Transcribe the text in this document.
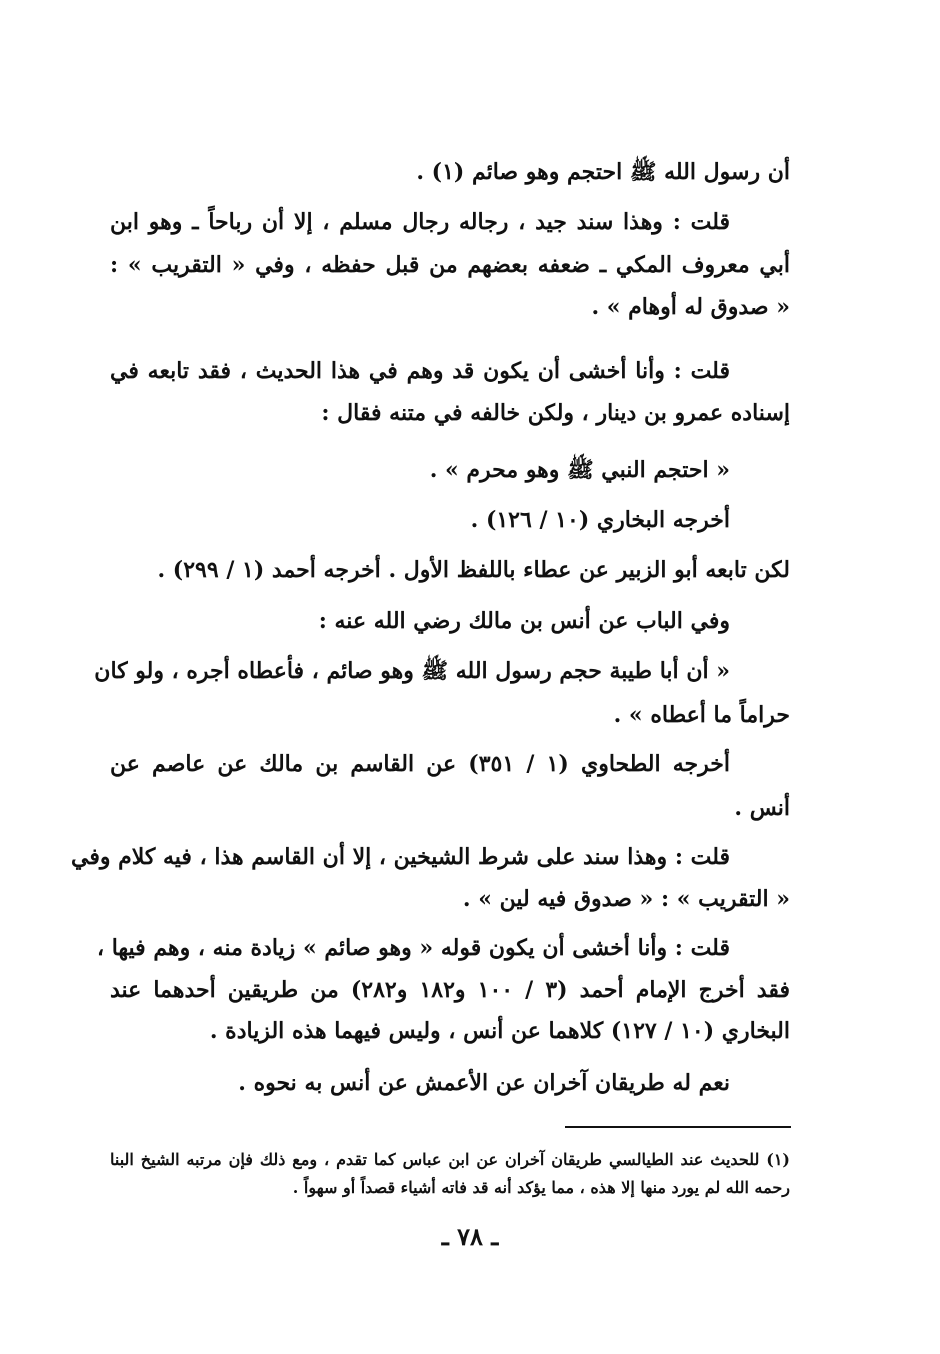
أن رسول الله ﷺ احتجم وهو صائم (١) .
قلت : وهذا سند جيد ، رجاله رجال مسلم ، إلا أن رباحاً ـ وهو ابن
أبي معروف المكي ـ ضعفه بعضهم من قبل حفظه ، وفي « التقريب » :
« صدوق له أوهام » .
قلت : وأنا أخشى أن يكون قد وهم في هذا الحديث ، فقد تابعه في
إسناده عمرو بن دينار ، ولكن خالفه في متنه فقال :
« احتجم النبي ﷺ وهو محرم » .
أخرجه البخاري (١٠ / ١٢٦) .
لكن تابعه أبو الزبير عن عطاء باللفظ الأول . أخرجه أحمد (١ / ٢٩٩) .
وفي الباب عن أنس بن مالك رضي الله عنه :
« أن أبا طيبة حجم رسول الله ﷺ وهو صائم ، فأعطاه أجره ، ولو كان
حراماً ما أعطاه » .
أخرجه الطحاوي (١ / ٣٥١) عن القاسم بن مالك عن عاصم عن
أنس .
قلت : وهذا سند على شرط الشيخين ، إلا أن القاسم هذا ، فيه كلام وفي
« التقريب » : « صدوق فيه لين » .
قلت : وأنا أخشى أن يكون قوله « وهو صائم » زيادة منه ، وهم فيها ،
فقد أخرج الإمام أحمد (٣ / ١٠٠ و١٨٢ و٢٨٢) من طريقين أحدهما عند
البخاري (١٠ / ١٢٧) كلاهما عن أنس ، وليس فيهما هذه الزيادة .
نعم له طريقان آخران عن الأعمش عن أنس به نحوه .
(١) للحديث عند الطيالسي طريقان آخران عن ابن عباس كما تقدم ، ومع ذلك فإن مرتبه الشيخ البنا
رحمه الله لم يورد منها إلا هذه ، مما يؤكد أنه قد فاته أشياء قصداً أو سهواً .
ـ ٧٨ ـ
